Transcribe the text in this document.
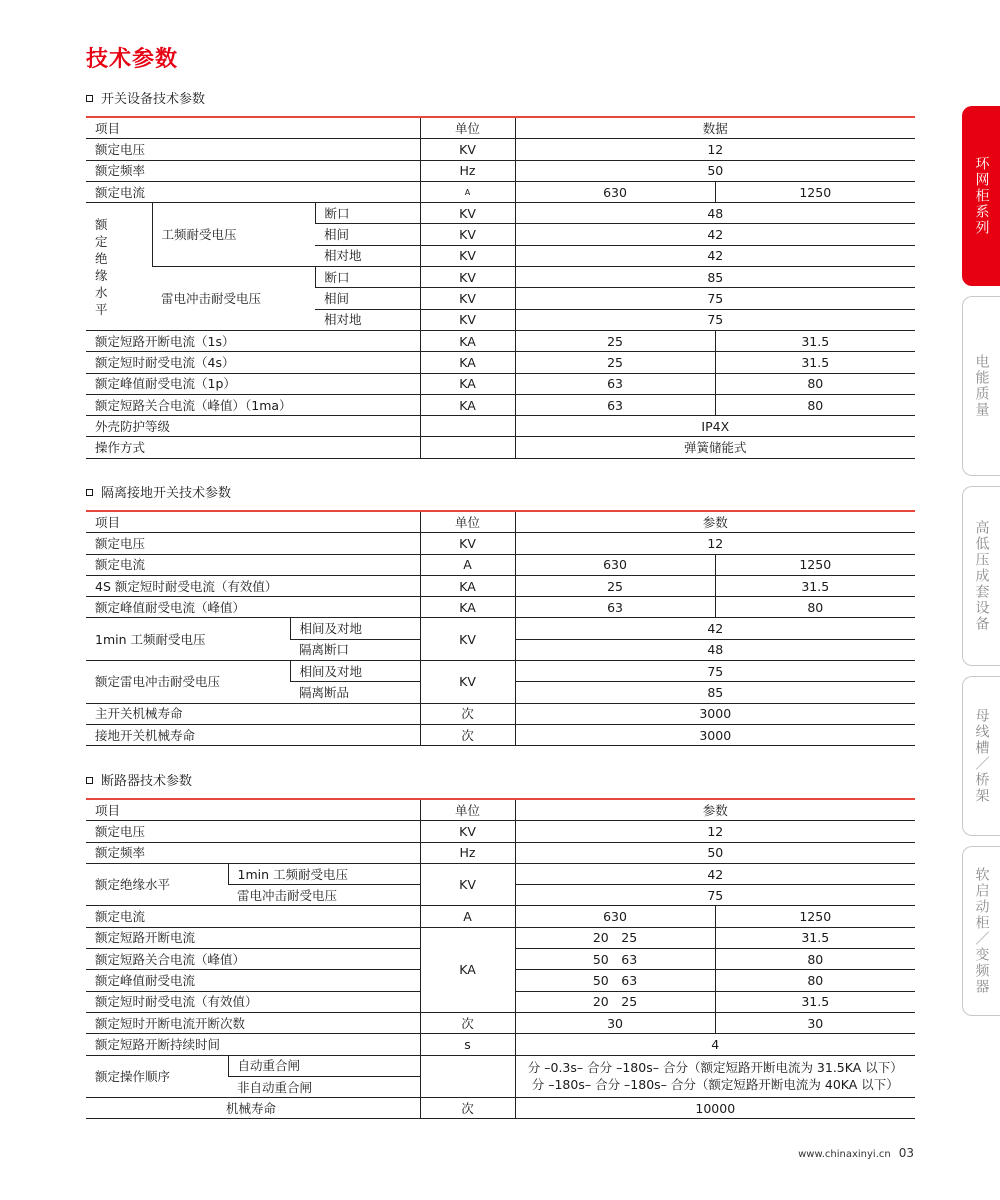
技术参数
开关设备技术参数
项目			单位	数据	
额定电压			KV	12	
额定频率			Hz	50	
额定电流			A	630	1250

额定绝缘水平	工频耐受电压	断口	KV	48	
		相间	KV	42	
		相对地	KV	42	
	雷电冲击耐受电压	断口	KV	85	
		相间	KV	75	
		相对地	KV	75	
额定短路开断电流（1s）			KA	25	31.5
额定短时耐受电流（4s）			KA	25	31.5
额定峰值耐受电流（1p）			KA	63	80
额定短路关合电流（峰值）（1ma）			KA	63	80
外壳防护等级				IP4X	
操作方式				弹簧储能式	
隔离接地开关技术参数
项目		单位	参数	
额定电压		KV	12	
额定电流		A	630	1250
4S 额定短时耐受电流（有效值）		KA	25	31.5
额定峰值耐受电流（峰值）		KA	63	80
1min 工频耐受电压	相间及对地	KV	42	
	隔离断口		48	
额定雷电冲击耐受电压	相间及对地	KV	75	
	隔离断品		85	
主开关机械寿命		次	3000	
接地开关机械寿命		次	3000	
断路器技术参数
项目		单位	参数	
额定电压		KV	12	
额定频率		Hz	50	
额定绝缘水平	1min 工频耐受电压	KV	42	
	雷电冲击耐受电压		75	
额定电流		A	630	1250
额定短路开断电流		KA	20　25	31.5
额定短路关合电流（峰值）			50　63	80
额定峰值耐受电流			50　63	80
额定短时耐受电流（有效值）			20　25	31.5
额定短时开断电流开断次数		次	30	30
额定短路开断持续时间		s	4	
额定操作顺序	自动重合闸		分 –0.3s– 合分 –180s– 合分（额定短路开断电流为 31.5KA 以下）
分 –180s– 合分 –180s– 合分（额定短路开断电流为 40KA 以下）	

	非自动重合闸			
机械寿命		次	10000	
环网柜系列
电能质量
高低压成套设备
母线槽／桥架
软启动柜／变频器
www.chinaxinyi.cn 03
